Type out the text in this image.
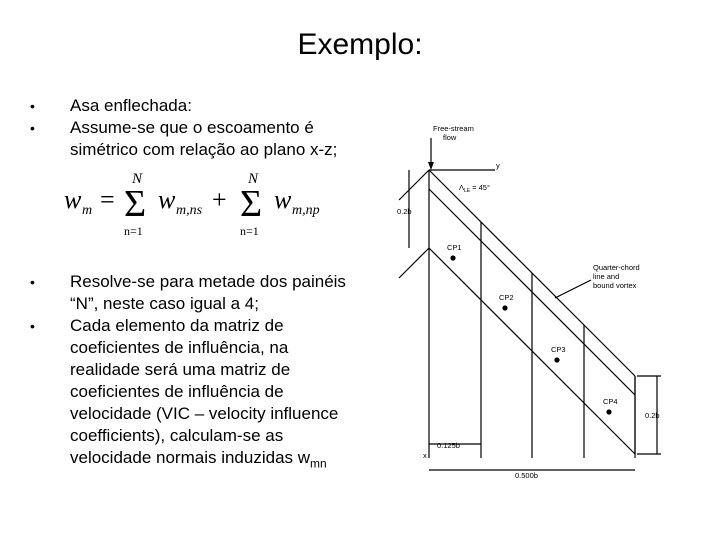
Exemplo:
• Asa enflechada:
• Assume-se que o escoamento é simétrico com relação ao plano x-z;
• Resolve-se para metade dos painéis “N”, neste caso igual a 4;
• Cada elemento da matriz de coeficientes de influência, na realidade será uma matriz de coeficientes de influência de velocidade (VIC – velocity influence coefficients), calculam-se as velocidade normais induzidas $w_{mn}$
w m =
N
Σ
n=1
w m,ns +
N
Σ
n=1
w m,np
Free-stream
flow
y
x
$\Lambda_{LE} = 45^\circ$
0.2b
0.2b
0.125b
0.500b
Quarter-chord
line and
bound vortex
CP1
CP2
CP3
CP4
